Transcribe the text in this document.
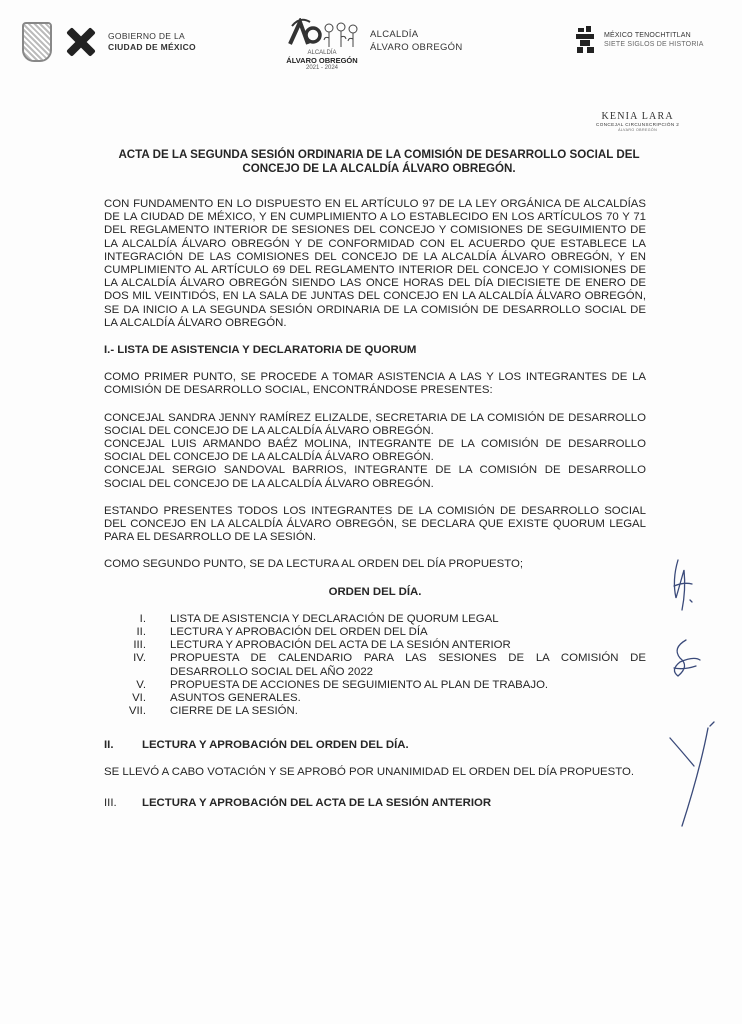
GOBIERNO DE LA
CIUDAD DE MÉXICO
ALCALDÍA
ÁLVARO OBREGÓN
2021 - 2024
ALCALDÍA
ÁLVARO OBREGÓN
MÉXICO TENOCHTITLAN
SIETE SIGLOS DE HISTORIA
KENIA LARA
CONCEJAL CIRCUNSCRIPCIÓN 2
ÁLVARO OBREGÓN
ACTA DE LA SEGUNDA SESIÓN ORDINARIA DE LA COMISIÓN DE DESARROLLO SOCIAL DEL CONCEJO DE LA ALCALDÍA ÁLVARO OBREGÓN.

CON FUNDAMENTO EN LO DISPUESTO EN EL ARTÍCULO 97 DE LA LEY ORGÁNICA DE ALCALDÍAS DE LA CIUDAD DE MÉXICO, Y EN CUMPLIMIENTO A LO ESTABLECIDO EN LOS ARTÍCULOS 70 Y 71 DEL REGLAMENTO INTERIOR DE SESIONES DEL CONCEJO Y COMISIONES DE SEGUIMIENTO DE LA ALCALDÍA ÁLVARO OBREGÓN Y DE CONFORMIDAD CON EL ACUERDO QUE ESTABLECE LA INTEGRACIÓN DE LAS COMISIONES DEL CONCEJO DE LA ALCALDÍA ÁLVARO OBREGÓN, Y EN CUMPLIMIENTO AL ARTÍCULO 69 DEL REGLAMENTO INTERIOR DEL CONCEJO Y COMISIONES DE LA ALCALDÍA ÁLVARO OBREGÓN SIENDO LAS ONCE HORAS DEL DÍA DIECISIETE DE ENERO DE DOS MIL VEINTIDÓS, EN LA SALA DE JUNTAS DEL CONCEJO EN LA ALCALDÍA ÁLVARO OBREGÓN, SE DA INICIO A LA SEGUNDA SESIÓN ORDINARIA DE LA COMISIÓN DE DESARROLLO SOCIAL DE LA ALCALDÍA ÁLVARO OBREGÓN.

I.- LISTA DE ASISTENCIA Y DECLARATORIA DE QUORUM

COMO PRIMER PUNTO, SE PROCEDE A TOMAR ASISTENCIA A LAS Y LOS INTEGRANTES DE LA COMISIÓN DE DESARROLLO SOCIAL, ENCONTRÁNDOSE PRESENTES:

CONCEJAL SANDRA JENNY RAMÍREZ ELIZALDE, SECRETARIA DE LA COMISIÓN DE DESARROLLO SOCIAL DEL CONCEJO DE LA ALCALDÍA ÁLVARO OBREGÓN.

CONCEJAL LUIS ARMANDO BAÉZ MOLINA, INTEGRANTE DE LA COMISIÓN DE DESARROLLO SOCIAL DEL CONCEJO DE LA ALCALDÍA ÁLVARO OBREGÓN.

CONCEJAL SERGIO SANDOVAL BARRIOS, INTEGRANTE DE LA COMISIÓN DE DESARROLLO SOCIAL DEL CONCEJO DE LA ALCALDÍA ÁLVARO OBREGÓN.

ESTANDO PRESENTES TODOS LOS INTEGRANTES DE LA COMISIÓN DE DESARROLLO SOCIAL DEL CONCEJO EN LA ALCALDÍA ÁLVARO OBREGÓN, SE DECLARA QUE EXISTE QUORUM LEGAL PARA EL DESARROLLO DE LA SESIÓN.

COMO SEGUNDO PUNTO, SE DA LECTURA AL ORDEN DEL DÍA PROPUESTO;

ORDEN DEL DÍA.
I.	LISTA DE ASISTENCIA Y DECLARACIÓN DE QUORUM LEGAL
II.	LECTURA Y APROBACIÓN DEL ORDEN DEL DÍA
III.	LECTURA Y APROBACIÓN DEL ACTA DE LA SESIÓN ANTERIOR
IV.	PROPUESTA DE CALENDARIO PARA LAS SESIONES DE LA COMISIÓN DE DESARROLLO SOCIAL DEL AÑO 2022
V.	PROPUESTA DE ACCIONES DE SEGUIMIENTO AL PLAN DE TRABAJO.
VI.	ASUNTOS GENERALES.
VII.	CIERRE DE LA SESIÓN.
II.	LECTURA Y APROBACIÓN DEL ORDEN DEL DÍA.

SE LLEVÓ A CABO VOTACIÓN Y SE APROBÓ POR UNANIMIDAD EL ORDEN DEL DÍA PROPUESTO.

III.	LECTURA Y APROBACIÓN DEL ACTA DE LA SESIÓN ANTERIOR
